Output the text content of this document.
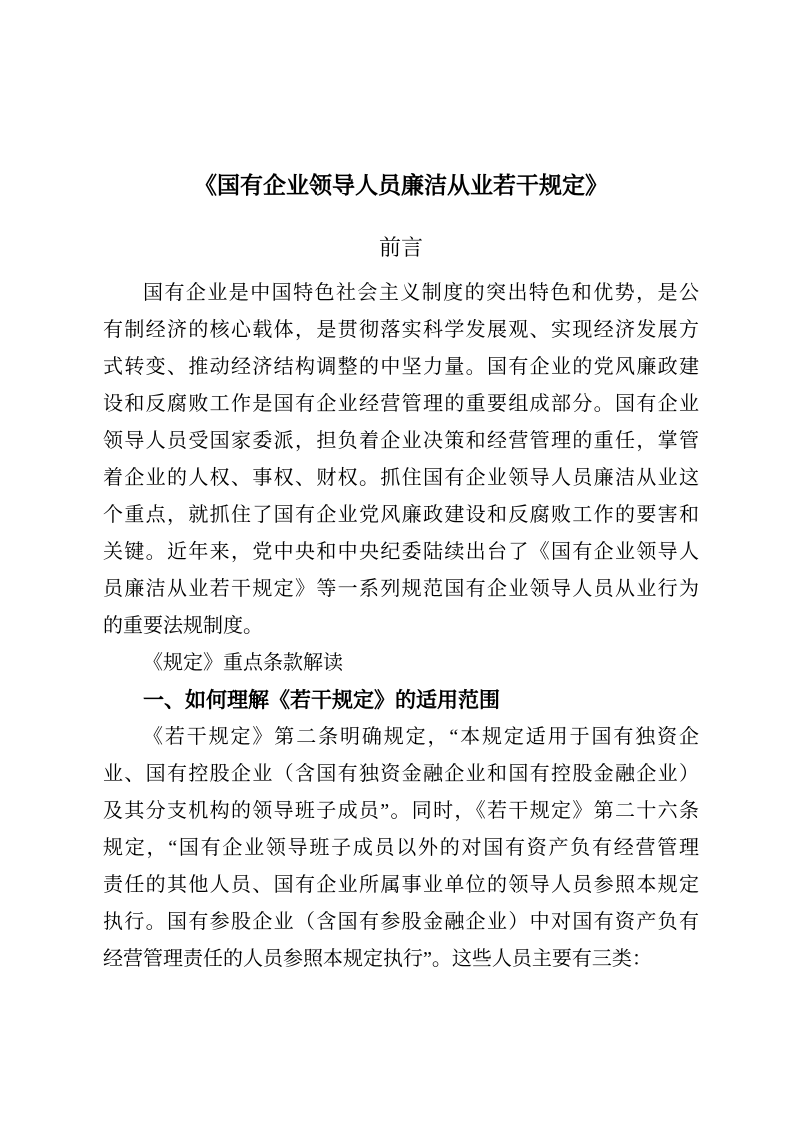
《国有企业领导人员廉洁从业若干规定》
前言
国有企业是中国特色社会主义制度的突出特色和优势，是公
有制经济的核心载体，是贯彻落实科学发展观、实现经济发展方
式转变、推动经济结构调整的中坚力量。国有企业的党风廉政建
设和反腐败工作是国有企业经营管理的重要组成部分。国有企业
领导人员受国家委派，担负着企业决策和经营管理的重任，掌管
着企业的人权、事权、财权。抓住国有企业领导人员廉洁从业这
个重点，就抓住了国有企业党风廉政建设和反腐败工作的要害和
关键。近年来，党中央和中央纪委陆续出台了《国有企业领导人
员廉洁从业若干规定》等一系列规范国有企业领导人员从业行为
的重要法规制度。
《规定》重点条款解读
一、如何理解《若干规定》的适用范围
《若干规定》第二条明确规定，“本规定适用于国有独资企
业、国有控股企业（含国有独资金融企业和国有控股金融企业）
及其分支机构的领导班子成员”。同时，《若干规定》第二十六条
规定，“国有企业领导班子成员以外的对国有资产负有经营管理
责任的其他人员、国有企业所属事业单位的领导人员参照本规定
执行。国有参股企业（含国有参股金融企业）中对国有资产负有
经营管理责任的人员参照本规定执行”。这些人员主要有三类：
